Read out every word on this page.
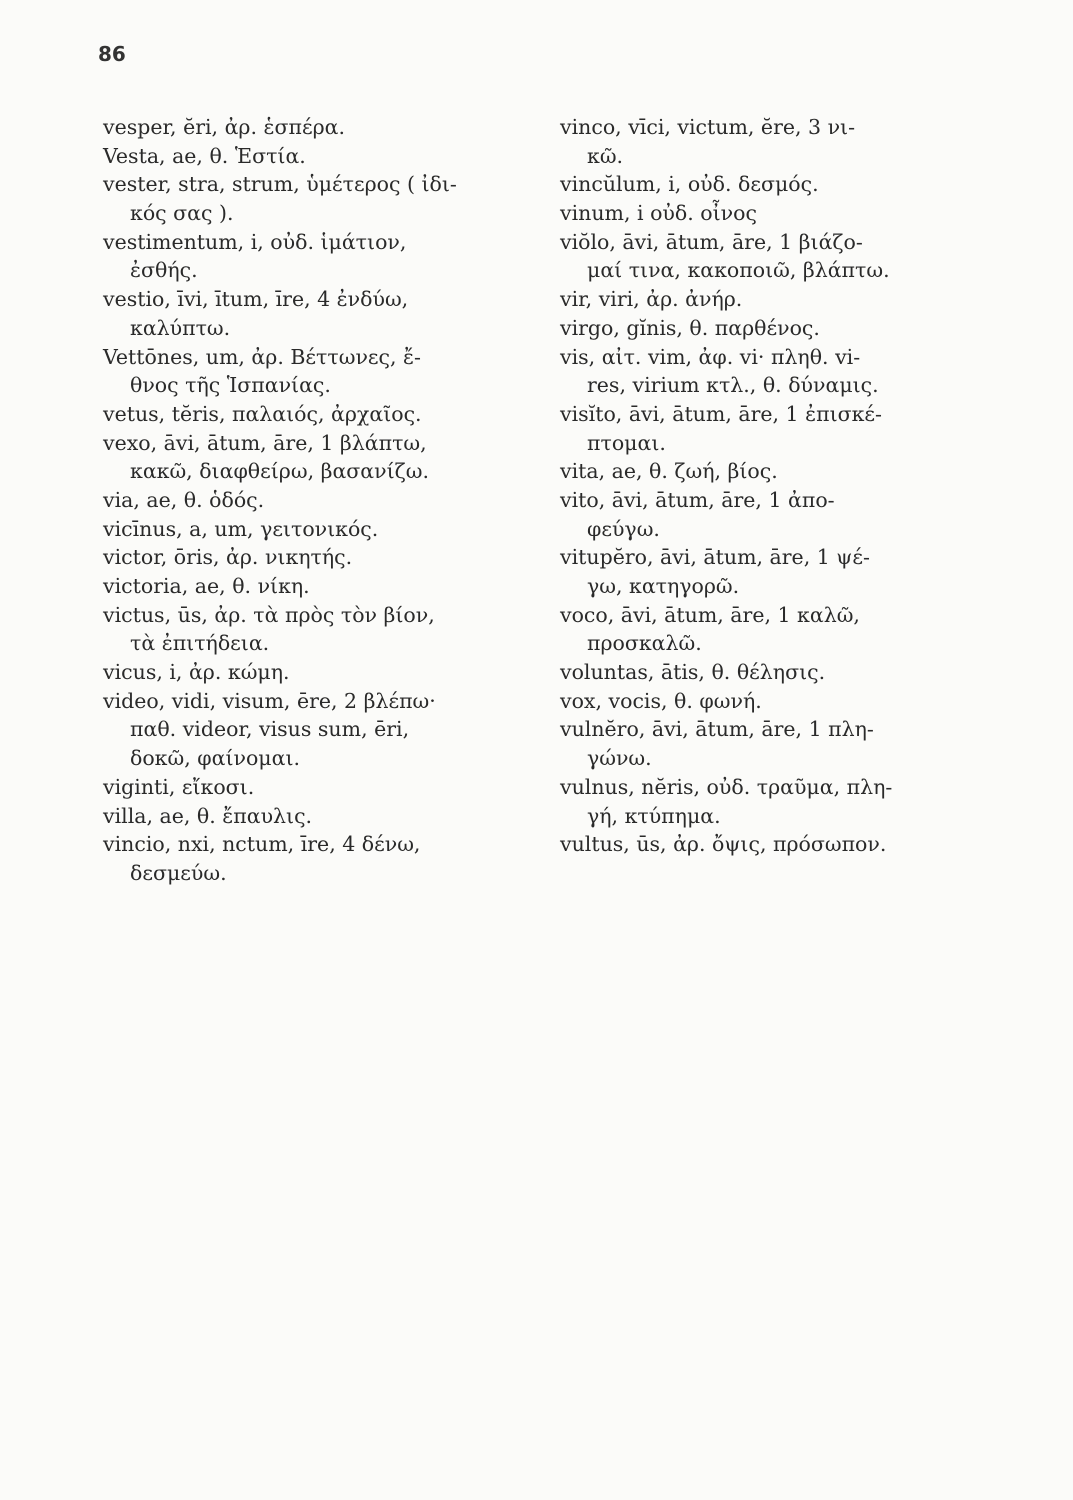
86
vesper, ĕri, ἀρ. ἑσπέρα.
Vesta, ae, θ. Ἑστία.
vester, stra, strum, ὑμέτερος ( ἰδι-
κός σας ).
vestimentum, i, οὐδ. ἱμάτιον,
ἐσθής.
vestio, īvi, ītum, īre, 4 ἐνδύω,
καλύπτω.
Vettōnes, um, ἀρ. Βέττωνες, ἔ-
θνος τῆς Ἱσπανίας.
vetus, tĕris, παλαιός, ἀρχαῖος.
vexo, āvi, ātum, āre, 1 βλάπτω,
κακῶ, διαφθείρω, βασανίζω.
via, ae, θ. ὁδός.
vicīnus, a, um, γειτονικός.
victor, ōris, ἀρ. νικητής.
victoria, ae, θ. νίκη.
victus, ūs, ἀρ. τὰ πρὸς τὸν βίον,
τὰ ἐπιτήδεια.
vicus, i, ἀρ. κώμη.
video, vidi, visum, ēre, 2 βλέπω·
παθ. videor, visus sum, ēri,
δοκῶ, φαίνομαι.
viginti, εἴκοσι.
villa, ae, θ. ἔπαυλις.
vincio, nxi, nctum, īre, 4 δένω,
δεσμεύω.
vinco, vīci, victum, ĕre, 3 νι-
κῶ.
vincŭlum, i, οὐδ. δεσμός.
vinum, i οὐδ. οἶνος
viŏlo, āvi, ātum, āre, 1 βιάζο-
μαί τινα, κακοποιῶ, βλάπτω.
vir, viri, ἀρ. ἀνήρ.
virgo, gĭnis, θ. παρθένος.
vis, αἰτ. vim, ἀφ. vi· πληθ. vi-
res, virium κτλ., θ. δύναμις.
visĭto, āvi, ātum, āre, 1 ἐπισκέ-
πτομαι.
vita, ae, θ. ζωή, βίος.
vito, āvi, ātum, āre, 1 ἀπο-
φεύγω.
vitupĕro, āvi, ātum, āre, 1 ψέ-
γω, κατηγορῶ.
voco, āvi, ātum, āre, 1 καλῶ,
προσκαλῶ.
voluntas, ātis, θ. θέλησις.
vox, vocis, θ. φωνή.
vulnĕro, āvi, ātum, āre, 1 πλη-
γώνω.
vulnus, nĕris, οὐδ. τραῦμα, πλη-
γή, κτύπημα.
vultus, ūs, ἀρ. ὄψις, πρόσωπον.
